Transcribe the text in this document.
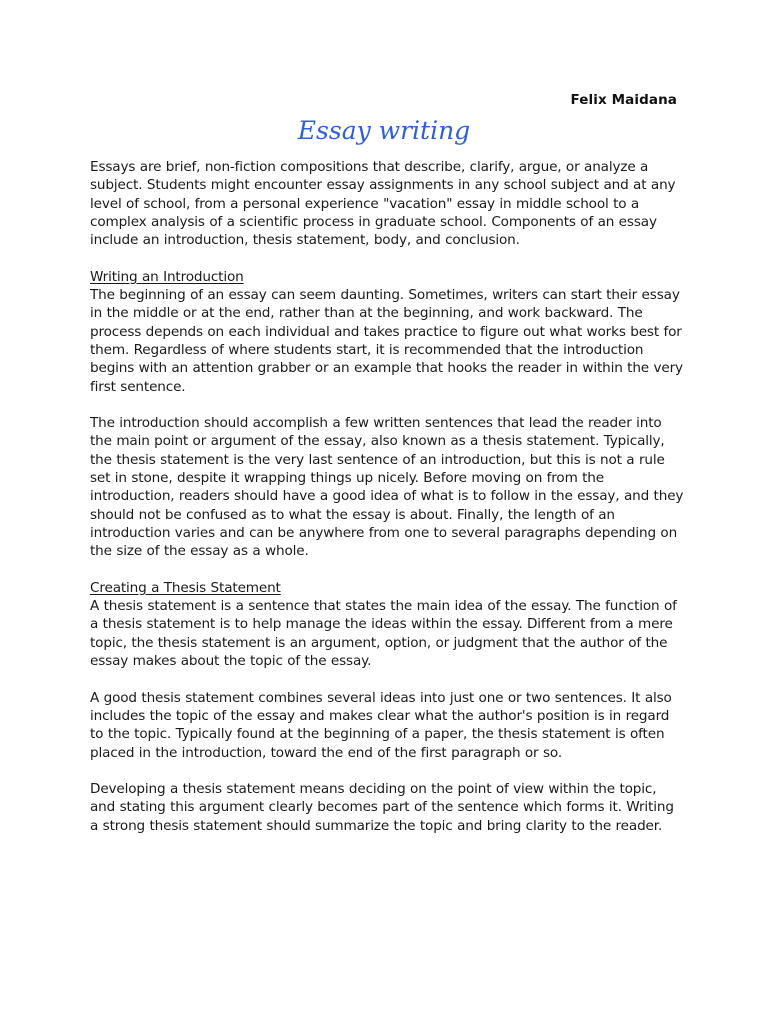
Felix Maidana
Essay writing

Essays are brief, non-fiction compositions that describe, clarify, argue, or analyze a subject. Students might encounter essay assignments in any school subject and at any level of school, from a personal experience "vacation" essay in middle school to a complex analysis of a scientific process in graduate school. Components of an essay include an introduction, thesis statement, body, and conclusion.

Writing an Introduction

The beginning of an essay can seem daunting. Sometimes, writers can start their essay in the middle or at the end, rather than at the beginning, and work backward. The process depends on each individual and takes practice to figure out what works best for them. Regardless of where students start, it is recommended that the introduction begins with an attention grabber or an example that hooks the reader in within the very first sentence.

The introduction should accomplish a few written sentences that lead the reader into the main point or argument of the essay, also known as a thesis statement. Typically, the thesis statement is the very last sentence of an introduction, but this is not a rule set in stone, despite it wrapping things up nicely. Before moving on from the introduction, readers should have a good idea of what is to follow in the essay, and they should not be confused as to what the essay is about. Finally, the length of an introduction varies and can be anywhere from one to several paragraphs depending on the size of the essay as a whole.

Creating a Thesis Statement

A thesis statement is a sentence that states the main idea of the essay. The function of a thesis statement is to help manage the ideas within the essay. Different from a mere topic, the thesis statement is an argument, option, or judgment that the author of the essay makes about the topic of the essay.

A good thesis statement combines several ideas into just one or two sentences. It also includes the topic of the essay and makes clear what the author's position is in regard to the topic. Typically found at the beginning of a paper, the thesis statement is often placed in the introduction, toward the end of the first paragraph or so.

Developing a thesis statement means deciding on the point of view within the topic, and stating this argument clearly becomes part of the sentence which forms it. Writing a strong thesis statement should summarize the topic and bring clarity to the reader.
